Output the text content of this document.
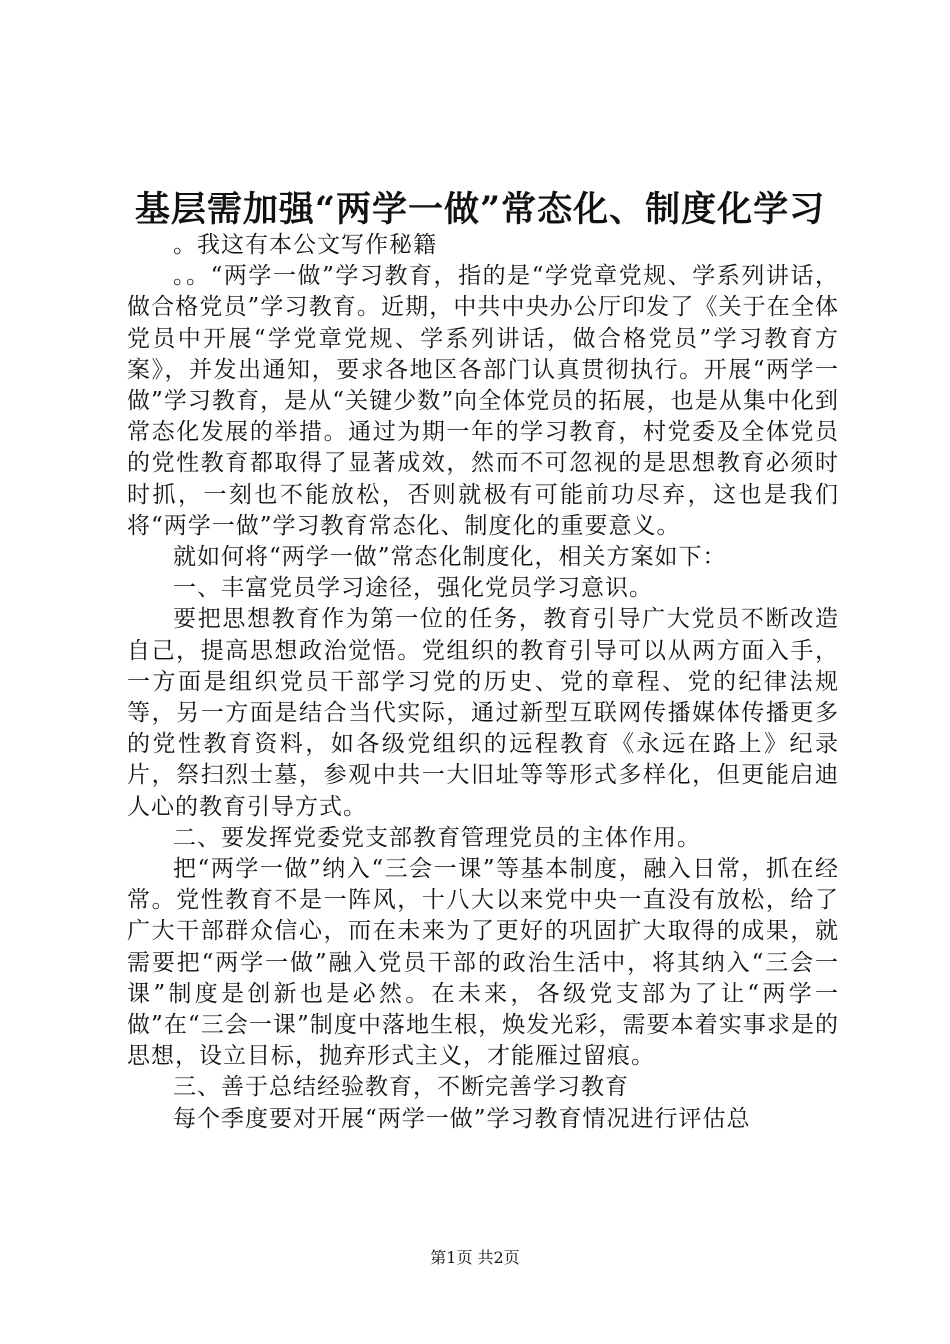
基层需加强“两学一做”常态化、制度化学习

。我这有本公文写作秘籍

。。“两学一做”学习教育，指的是“学党章党规、学系列讲话，做合格党员”学习教育。近期，中共中央办公厅印发了《关于在全体党员中开展“学党章党规、学系列讲话，做合格党员”学习教育方案》，并发出通知，要求各地区各部门认真贯彻执行。开展“两学一做”学习教育，是从“关键少数”向全体党员的拓展，也是从集中化到常态化发展的举措。通过为期一年的学习教育，村党委及全体党员的党性教育都取得了显著成效，然而不可忽视的是思想教育必须时时抓，一刻也不能放松，否则就极有可能前功尽弃，这也是我们将“两学一做”学习教育常态化、制度化的重要意义。

就如何将“两学一做”常态化制度化，相关方案如下：

一、丰富党员学习途径，强化党员学习意识。

要把思想教育作为第一位的任务，教育引导广大党员不断改造自己，提高思想政治觉悟。党组织的教育引导可以从两方面入手，一方面是组织党员干部学习党的历史、党的章程、党的纪律法规等，另一方面是结合当代实际，通过新型互联网传播媒体传播更多的党性教育资料，如各级党组织的远程教育《永远在路上》纪录片，祭扫烈士墓，参观中共一大旧址等等形式多样化，但更能启迪人心的教育引导方式。

二、要发挥党委党支部教育管理党员的主体作用。

把“两学一做”纳入“三会一课”等基本制度，融入日常，抓在经常。党性教育不是一阵风，十八大以来党中央一直没有放松，给了广大干部群众信心，而在未来为了更好的巩固扩大取得的成果，就需要把“两学一做”融入党员干部的政治生活中，将其纳入“三会一课”制度是创新也是必然。在未来，各级党支部为了让“两学一做”在“三会一课”制度中落地生根，焕发光彩，需要本着实事求是的思想，设立目标，抛弃形式主义，才能雁过留痕。

三、善于总结经验教育，不断完善学习教育

每个季度要对开展“两学一做”学习教育情况进行评估总

第1页 共2页
